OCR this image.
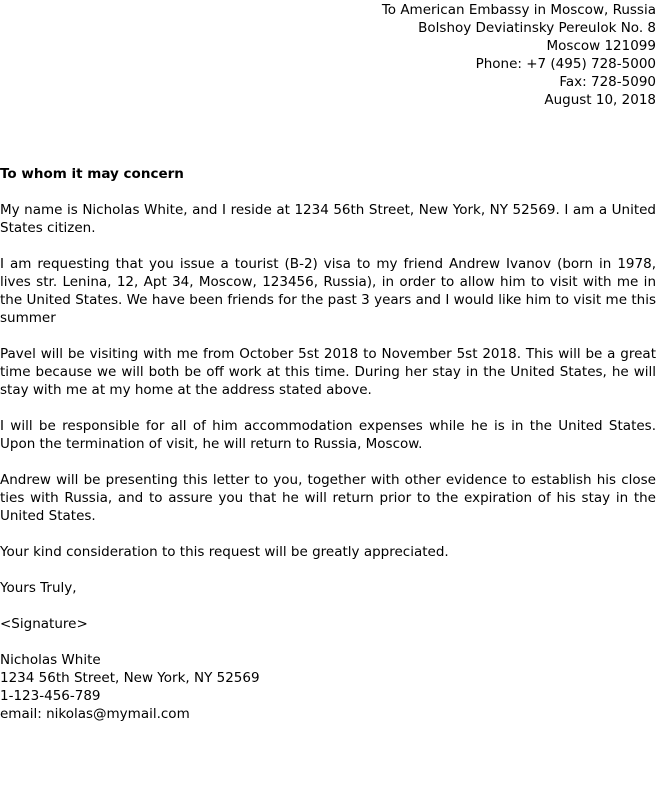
To American Embassy in Moscow, Russia
Bolshoy Deviatinsky Pereulok No. 8
Moscow 121099
Phone: +7 (495) 728-5000
Fax: 728-5090
August 10, 2018
To whom it may concern

My name is Nicholas White, and I reside at 1234 56th Street, New York, NY 52569. I am a United States citizen.

I am requesting that you issue a tourist (B-2) visa to my friend Andrew Ivanov (born in 1978, lives str. Lenina, 12, Apt 34, Moscow, 123456, Russia), in order to allow him to visit with me in the United States. We have been friends for the past 3 years and I would like him to visit me this summer

Pavel will be visiting with me from October 5st 2018 to November 5st 2018. This will be a great time because we will both be off work at this time. During her stay in the United States, he will stay with me at my home at the address stated above.

I will be responsible for all of him accommodation expenses while he is in the United States. Upon the termination of visit, he will return to Russia, Moscow.

Andrew will be presenting this letter to you, together with other evidence to establish his close ties with Russia, and to assure you that he will return prior to the expiration of his stay in the United States.

Your kind consideration to this request will be greatly appreciated.

Yours Truly,
<Signature>
Nicholas White
1234 56th Street, New York, NY 52569
1-123-456-789
email: nikolas@mymail.com
